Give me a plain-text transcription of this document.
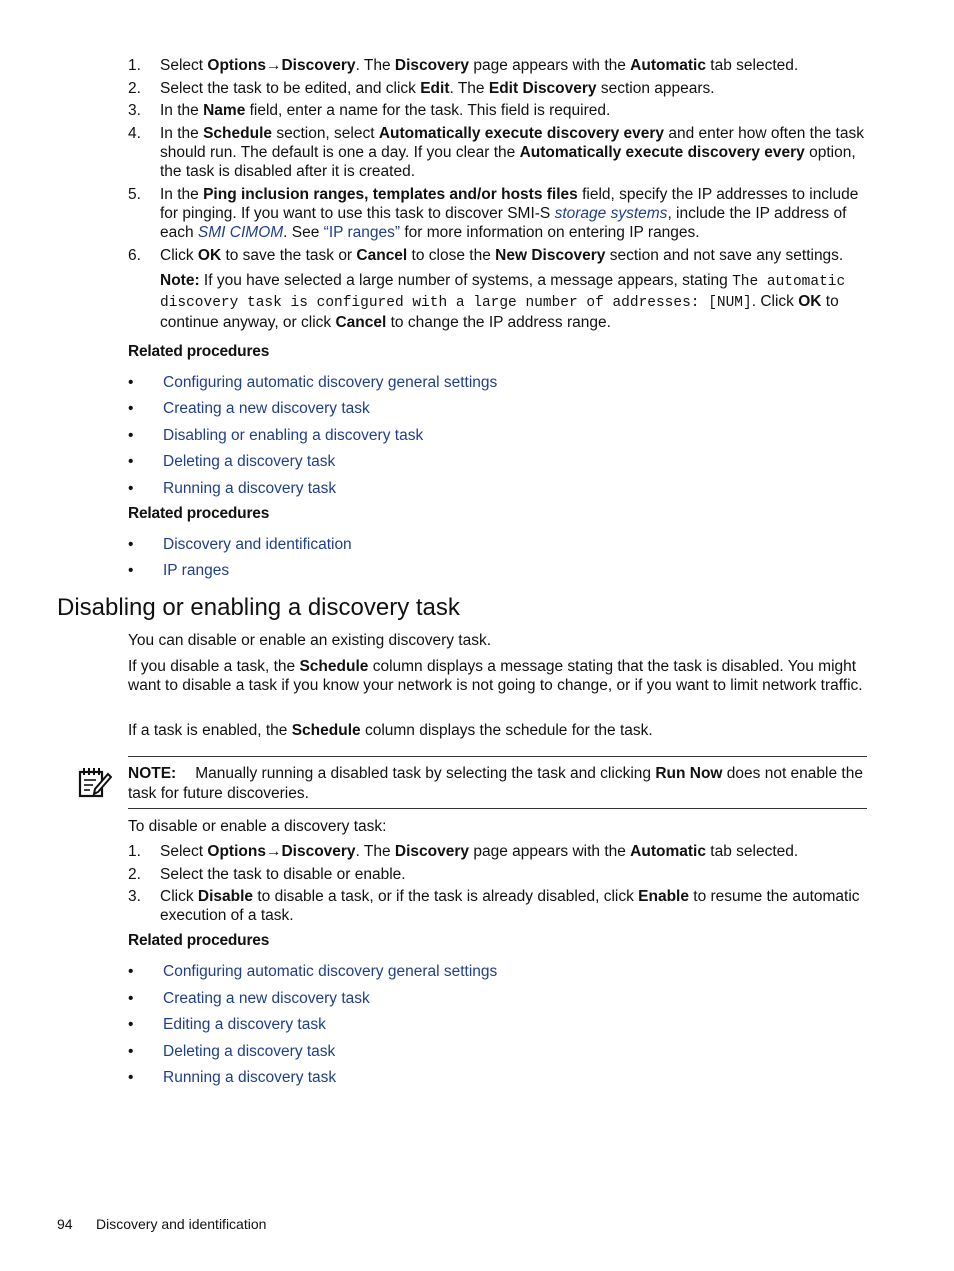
1.	Select Options→Discovery. The Discovery page appears with the Automatic tab selected.
2.	Select the task to be edited, and click Edit. The Edit Discovery section appears.
3.	In the Name field, enter a name for the task. This field is required.
4.	In the Schedule section, select Automatically execute discovery every and enter how often the task should run. The default is one a day. If you clear the Automatically execute discovery every option, the task is disabled after it is created.
5.	In the Ping inclusion ranges, templates and/or hosts files field, specify the IP addresses to include for pinging. If you want to use this task to discover SMI-S storage systems, include the IP address of each SMI CIMOM. See “IP ranges” for more information on entering IP ranges.
6.	Click OK to save the task or Cancel to close the New Discovery section and not save any settings.
Note: If you have selected a large number of systems, a message appears, stating The automatic discovery task is configured with a large number of addresses: [NUM]. Click OK to continue anyway, or click Cancel to change the IP address range.
Related procedures
• Configuring automatic discovery general settings
• Creating a new discovery task
• Disabling or enabling a discovery task
• Deleting a discovery task
• Running a discovery task
Related procedures
• Discovery and identification
• IP ranges
Disabling or enabling a discovery task
You can disable or enable an existing discovery task.
If you disable a task, the Schedule column displays a message stating that the task is disabled. You might want to disable a task if you know your network is not going to change, or if you want to limit network traffic.
If a task is enabled, the Schedule column displays the schedule for the task.
NOTE: Manually running a disabled task by selecting the task and clicking Run Now does not enable the task for future discoveries.
To disable or enable a discovery task:
1.	Select Options→Discovery. The Discovery page appears with the Automatic tab selected.
2.	Select the task to disable or enable.
3.	Click Disable to disable a task, or if the task is already disabled, click Enable to resume the automatic execution of a task.
Related procedures
• Configuring automatic discovery general settings
• Creating a new discovery task
• Editing a discovery task
• Deleting a discovery task
• Running a discovery task
94 Discovery and identification
